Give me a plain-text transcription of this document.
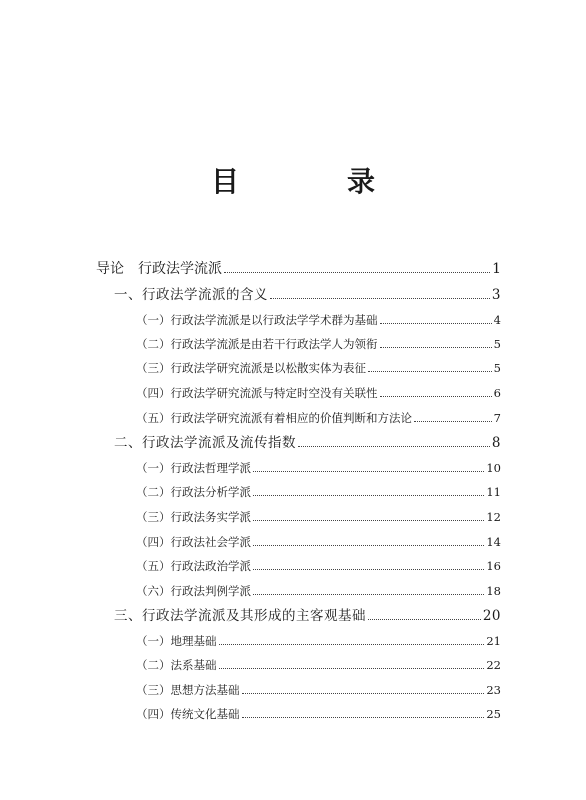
目　录
导论　行政法学流派	1
一、行政法学流派的含义	3
（一）行政法学流派是以行政法学学术群为基础	4
（二）行政法学流派是由若干行政法学人为领衔	5
（三）行政法学研究流派是以松散实体为表征	5
（四）行政法学研究流派与特定时空没有关联性	6
（五）行政法学研究流派有着相应的价值判断和方法论	7
二、行政法学流派及流传指数	8
（一）行政法哲理学派	10
（二）行政法分析学派	11
（三）行政法务实学派	12
（四）行政法社会学派	14
（五）行政法政治学派	16
（六）行政法判例学派	18
三、行政法学流派及其形成的主客观基础	20
（一）地理基础	21
（二）法系基础	22
（三）思想方法基础	23
（四）传统文化基础	25
